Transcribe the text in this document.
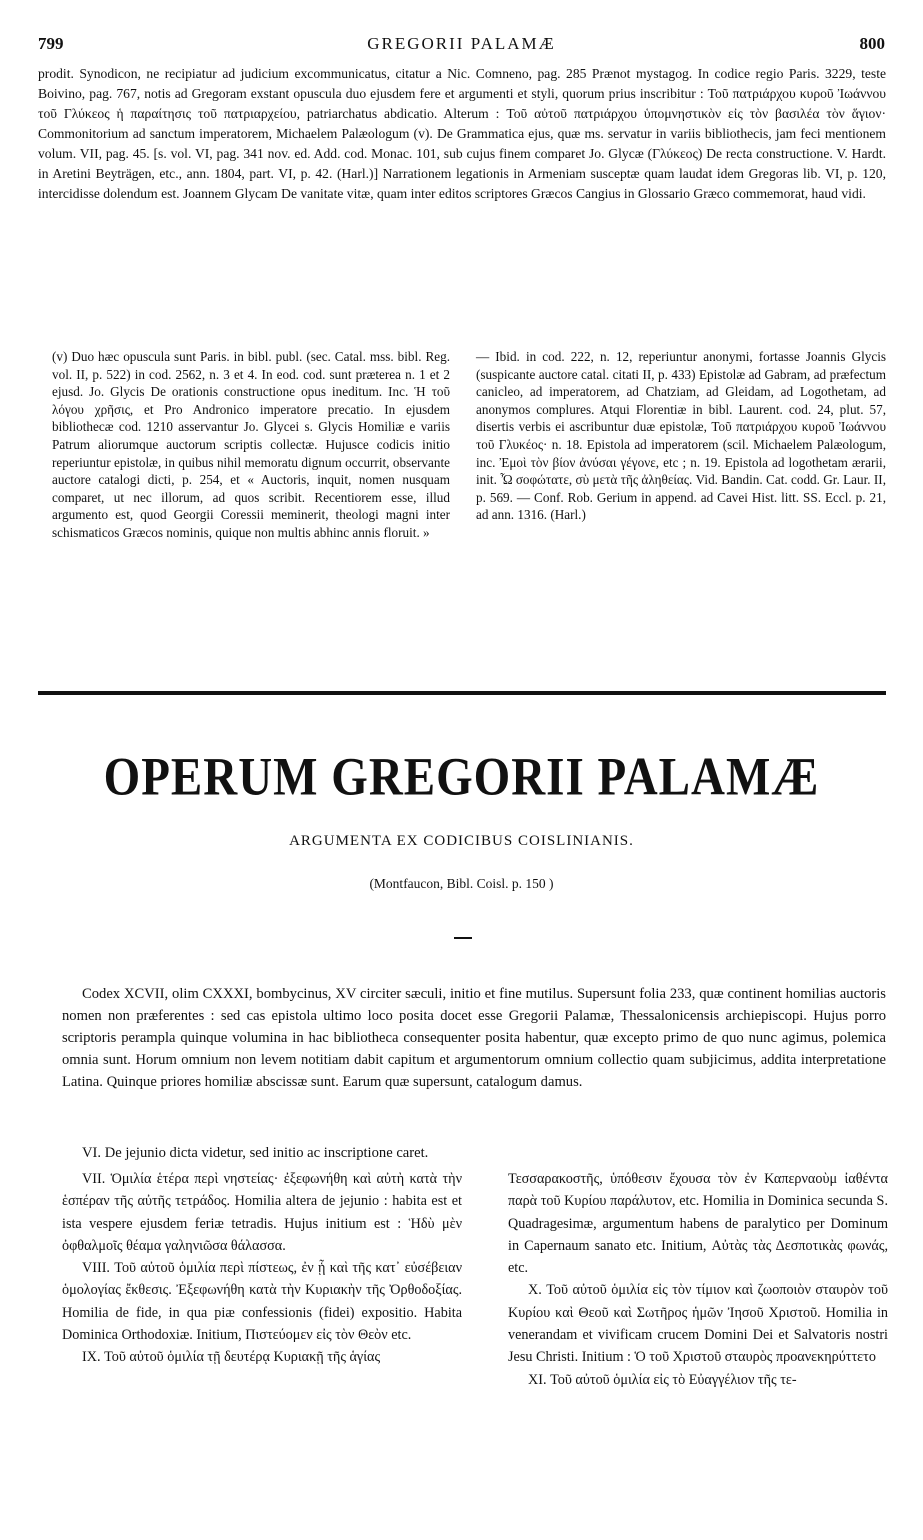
799	GREGORII PALAMÆ	800

prodit. Synodicon, ne recipiatur ad judicium excommunicatus, citatur a Nic. Comneno, pag. 285 Prænot mystagog. In codice regio Paris. 3229, teste Boivino, pag. 767, notis ad Gregoram exstant opuscula duo ejusdem fere et argumenti et styli, quorum prius inscribitur : Τοῦ πατριάρχου κυροῦ Ἰωάννου τοῦ Γλύκεος ἡ παραίτησις τοῦ πατριαρχείου, patriarchatus abdicatio. Alterum : Τοῦ αὐτοῦ πατριάρχου ὑπομνηστικὸν εἰς τὸν βασιλέα τὸν ἅγιον· Commonitorium ad sanctum imperatorem, Michaelem Palæologum (v). De Grammatica ejus, quæ ms. servatur in variis bibliothecis, jam feci mentionem volum. VII, pag. 45. [s. vol. VI, pag. 341 nov. ed. Add. cod. Monac. 101, sub cujus finem comparet Jo. Glycæ (Γλύκεος) De recta constructione. V. Hardt. in Aretini Beyträgen, etc., ann. 1804, part. VI, p. 42. (Harl.)] Narrationem legationis in Armeniam susceptæ quam laudat idem Gregoras lib. VI, p. 120, intercidisse dolendum est. Joannem Glycam De vanitate vitæ, quam inter editos scriptores Græcos Cangius in Glossario Græco commemorat, haud vidi.

(v) Duo hæc opuscula sunt Paris. in bibl. publ. (sec. Catal. mss. bibl. Reg. vol. II, p. 522) in cod. 2562, n. 3 et 4. In eod. cod. sunt præterea n. 1 et 2 ejusd. Jo. Glycis De orationis constructione opus ineditum. Inc. Ἡ τοῦ λόγου χρῆσις, et Pro Andronico imperatore precatio. In ejusdem bibliothecæ cod. 1210 asservantur Jo. Glycei s. Glycis Homiliæ e variis Patrum aliorumque auctorum scriptis collectæ. Hujusce codicis initio reperiuntur epistolæ, in quibus nihil memoratu dignum occurrit, observante auctore catalogi dicti, p. 254, et « Auctoris, inquit, nomen nusquam comparet, ut nec illorum, ad quos scribit. Recentiorem esse, illud argumento est, quod Georgii Coressii meminerit, theologi magni inter schismaticos Græcos nominis, quique non multis abhinc annis floruit. »

— Ibid. in cod. 222, n. 12, reperiuntur anonymi, fortasse Joannis Glycis (suspicante auctore catal. citati II, p. 433) Epistolæ ad Gabram, ad præfectum canicleo, ad imperatorem, ad Chatziam, ad Gleidam, ad Logothetam, ad anonymos complures. Atqui Florentiæ in bibl. Laurent. cod. 24, plut. 57, disertis verbis ei ascribuntur duæ epistolæ, Τοῦ πατριάρχου κυροῦ Ἰωάννου τοῦ Γλυκέος· n. 18. Epistola ad imperatorem (scil. Michaelem Palæologum, inc. Ἐμοὶ τὸν βίον ἀνύσαι γέγονε, etc ; n. 19. Epistola ad logothetam ærarii, init. Ὦ σοφώτατε, σὺ μετὰ τῆς ἀληθείας. Vid. Bandin. Cat. codd. Gr. Laur. II, p. 569. — Conf. Rob. Gerium in append. ad Cavei Hist. litt. SS. Eccl. p. 21, ad ann. 1316. (Harl.)

OPERUM GREGORII PALAMÆ
ARGUMENTA EX CODICIBUS COISLINIANIS.
(Montfaucon, Bibl. Coisl. p. 150 )

Codex XCVII, olim CXXXI, bombycinus, XV circiter sæculi, initio et fine mutilus. Supersunt folia 233, quæ continent homilias auctoris nomen non præferentes : sed cas epistola ultimo loco posita docet esse Gregorii Palamæ, Thessalonicensis archiepiscopi. Hujus porro scriptoris perampla quinque volumina in hac bibliotheca consequenter posita habentur, quæ excepto primo de quo nunc agimus, polemica omnia sunt. Horum omnium non levem notitiam dabit capitum et argumentorum omnium collectio quam subjicimus, addita interpretatione Latina. Quinque priores homiliæ abscissæ sunt. Earum quæ supersunt, catalogum damus.

VI. De jejunio dicta videtur, sed initio ac inscriptione caret.

VII. Ὁμιλία ἑτέρα περὶ νηστείας· ἐξεφωνήθη καὶ αὐτὴ κατὰ τὴν ἑσπέραν τῆς αὐτῆς τετράδος. Homilia altera de jejunio : habita est et ista vespere ejusdem feriæ tetradis. Hujus initium est : Ἡδὺ μὲν ὀφθαλμοῖς θέαμα γαληνιῶσα θάλασσα.

VIII. Τοῦ αὐτοῦ ὁμιλία περὶ πίστεως, ἐν ᾗ καὶ τῆς κατ᾽ εὐσέβειαν ὁμολογίας ἔκθεσις. Ἐξεφωνήθη κατὰ τὴν Κυριακὴν τῆς Ὀρθοδοξίας. Homilia de fide, in qua piæ confessionis (fidei) expositio. Habita Dominica Orthodoxiæ. Initium, Πιστεύομεν εἰς τὸν Θεὸν etc.

IX. Τοῦ αὐτοῦ ὁμιλία τῇ δευτέρᾳ Κυριακῇ τῆς ἁγίας

Τεσσαρακοστῆς, ὑπόθεσιν ἔχουσα τὸν ἐν Καπερναοὺμ ἰαθέντα παρὰ τοῦ Κυρίου παράλυτον, etc. Homilia in Dominica secunda S. Quadragesimæ, argumentum habens de paralytico per Dominum in Capernaum sanato etc. Initium, Αὐτὰς τὰς Δεσποτικὰς φωνάς, etc.

X. Τοῦ αὐτοῦ ὁμιλία εἰς τὸν τίμιον καὶ ζωοποιὸν σταυρὸν τοῦ Κυρίου καὶ Θεοῦ καὶ Σωτῆρος ἡμῶν Ἰησοῦ Χριστοῦ. Homilia in venerandam et vivificam crucem Domini Dei et Salvatoris nostri Jesu Christi. Initium : Ὁ τοῦ Χριστοῦ σταυρὸς προανεκηρύττετο

XI. Τοῦ αὐτοῦ ὁμιλία εἰς τὸ Εὐαγγέλιον τῆς τε-
